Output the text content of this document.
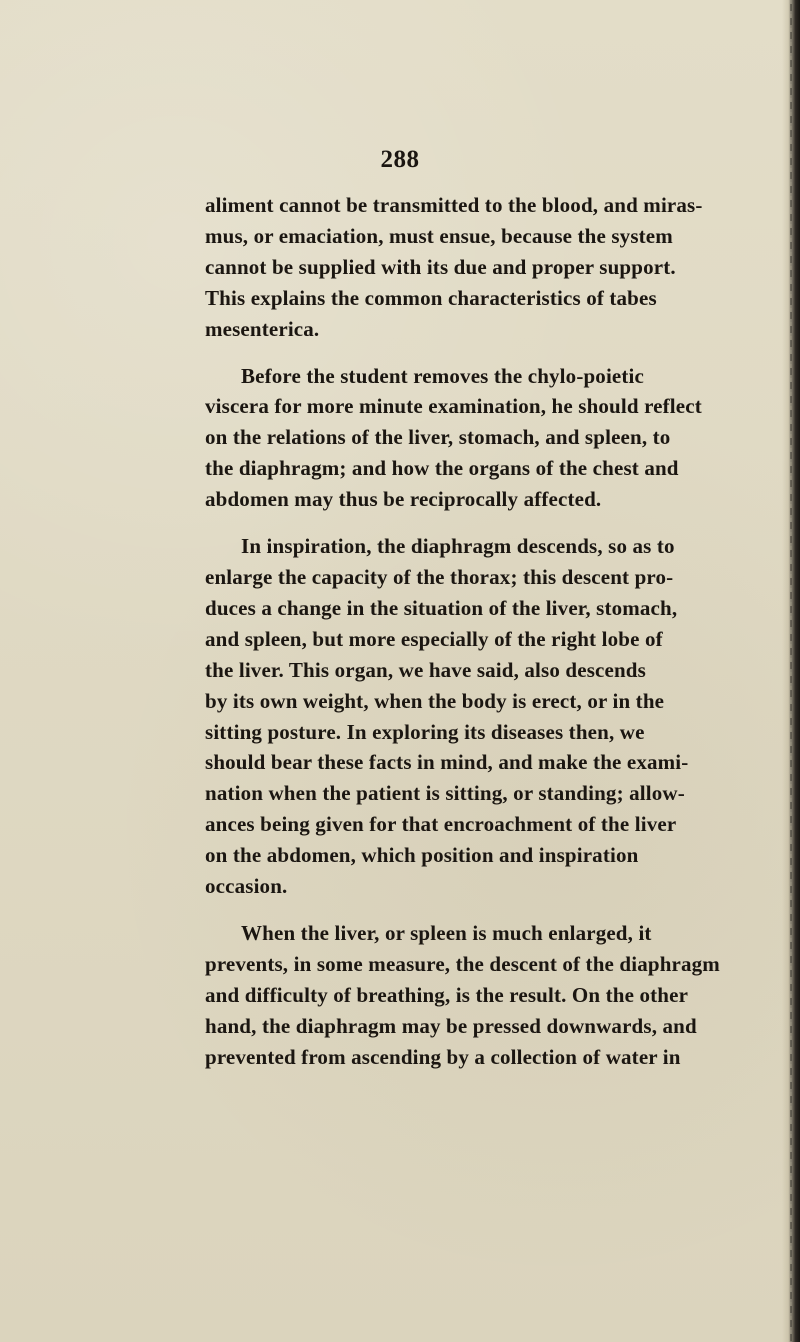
288
aliment cannot be transmitted to the blood, and miras-
mus, or emaciation, must ensue, because the system
cannot be supplied with its due and proper support.
This explains the common characteristics of tabes
mesenterica.
Before the student removes the chylo-poietic
viscera for more minute examination, he should reflect
on the relations of the liver, stomach, and spleen, to
the diaphragm; and how the organs of the chest and
abdomen may thus be reciprocally affected.
In inspiration, the diaphragm descends, so as to
enlarge the capacity of the thorax; this descent pro-
duces a change in the situation of the liver, stomach,
and spleen, but more especially of the right lobe of
the liver. This organ, we have said, also descends
by its own weight, when the body is erect, or in the
sitting posture. In exploring its diseases then, we
should bear these facts in mind, and make the exami-
nation when the patient is sitting, or standing; allow-
ances being given for that encroachment of the liver
on the abdomen, which position and inspiration
occasion.
When the liver, or spleen is much enlarged, it
prevents, in some measure, the descent of the diaphragm
and difficulty of breathing, is the result. On the other
hand, the diaphragm may be pressed downwards, and
prevented from ascending by a collection of water in
